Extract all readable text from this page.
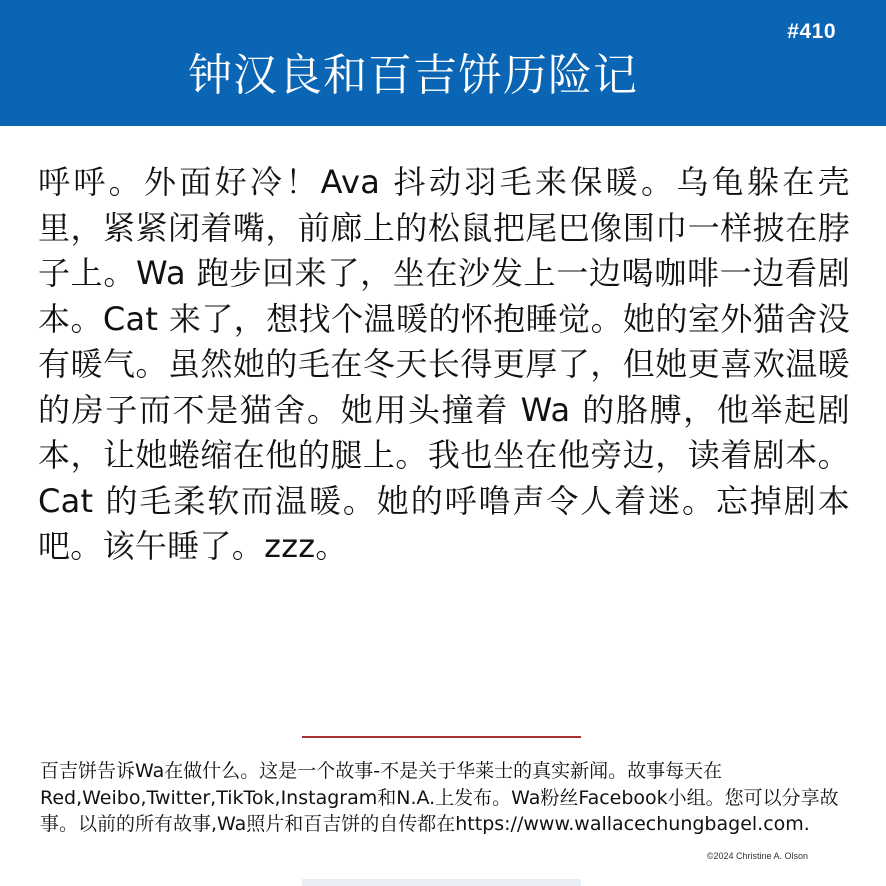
#410
钟汉良和百吉饼历险记

呼呼。外面好冷！Ava 抖动羽毛来保暖。乌龟躲在壳里，紧紧闭着嘴，前廊上的松鼠把尾巴像围巾一样披在脖子上。Wa 跑步回来了，坐在沙发上一边喝咖啡一边看剧本。Cat 来了，想找个温暖的怀抱睡觉。她的室外猫舍没有暖气。虽然她的毛在冬天长得更厚了，但她更喜欢温暖的房子而不是猫舍。她用头撞着 Wa 的胳膊，他举起剧本，让她蜷缩在他的腿上。我也坐在他旁边，读着剧本。Cat 的毛柔软而温暖。她的呼噜声令人着迷。忘掉剧本吧。该午睡了。zzz。

百吉饼告诉Wa在做什么。这是一个故事-不是关于华莱士的真实新闻。故事每天在Red,Weibo,Twitter,TikTok,Instagram和N.A.上发布。Wa粉丝Facebook小组。您可以分享故事。以前的所有故事,Wa照片和百吉饼的自传都在https://www.wallacechungbagel.com.

©2024 Christine A. Olson
